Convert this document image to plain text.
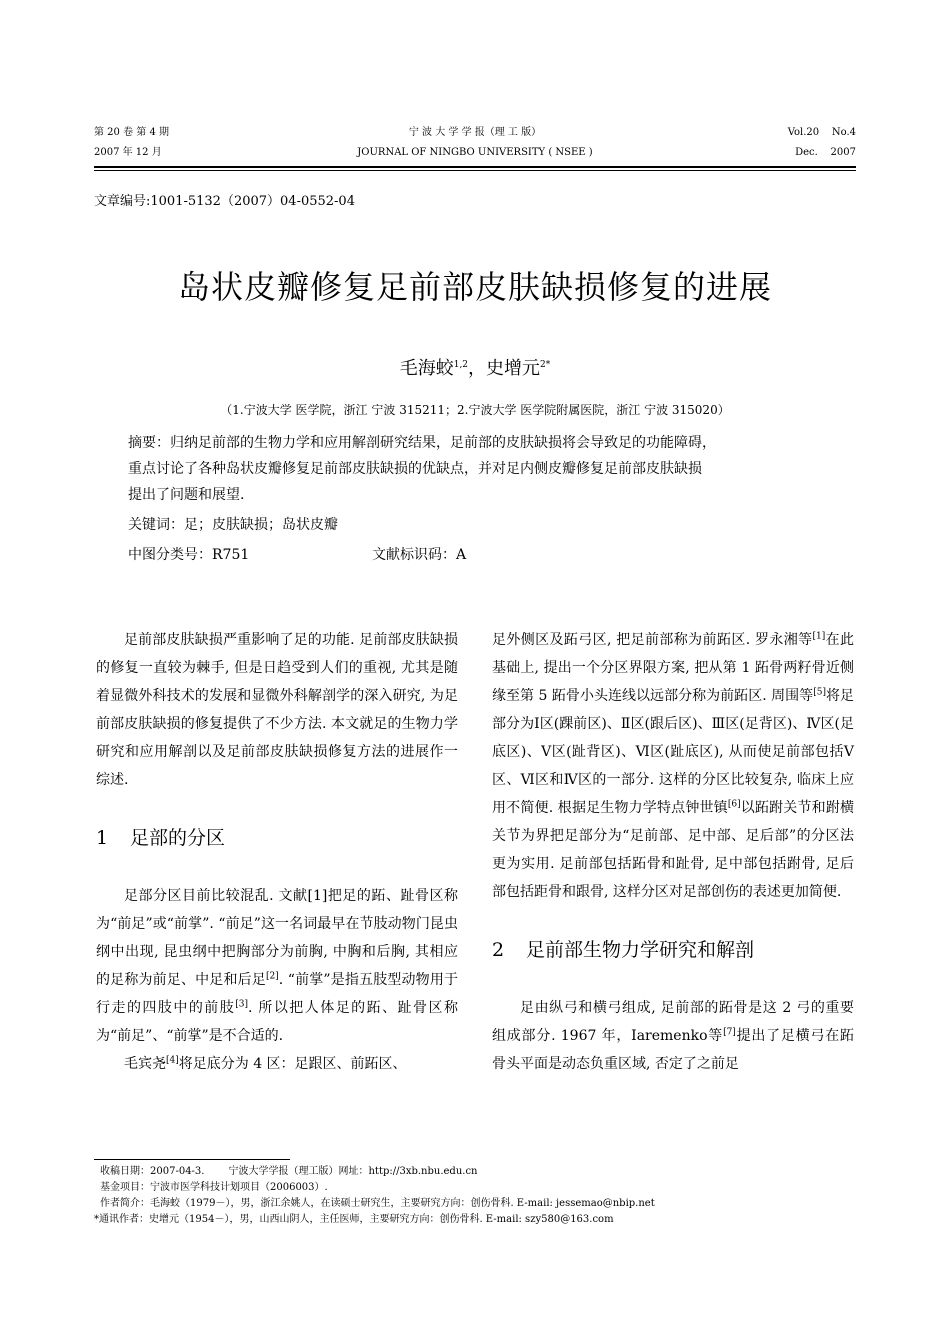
第 20 卷 第 4 期
2007 年 12 月
宁 波 大 学 学 报（理 工 版）
JOURNAL OF NINGBO UNIVERSITY ( NSEE )
Vol.20    No.4
Dec.    2007
文章编号:1001-5132（2007）04-0552-04
岛状皮瓣修复足前部皮肤缺损修复的进展
毛海蛟$^{1,2}$，史增元$^{2*}$
（1.宁波大学 医学院，浙江 宁波 315211；2.宁波大学 医学院附属医院，浙江 宁波 315020）
摘要：归纳足前部的生物力学和应用解剖研究结果，足前部的皮肤缺损将会导致足的功能障碍，
重点讨论了各种岛状皮瓣修复足前部皮肤缺损的优缺点，并对足内侧皮瓣修复足前部皮肤缺损
提出了问题和展望.
关键词：足；皮肤缺损；岛状皮瓣
中图分类号：R751	文献标识码：A

足前部皮肤缺损严重影响了足的功能. 足前部皮肤缺损的修复一直较为棘手, 但是日趋受到人们的重视, 尤其是随着显微外科技术的发展和显微外科解剖学的深入研究, 为足前部皮肤缺损的修复提供了不少方法. 本文就足的生物力学研究和应用解剖以及足前部皮肤缺损修复方法的进展作一综述.

1 足部的分区

足部分区目前比较混乱. 文献[1]把足的跖、趾骨区称为“前足”或“前掌”. “前足”这一名词最早在节肢动物门昆虫纲中出现, 昆虫纲中把胸部分为前胸, 中胸和后胸, 其相应的足称为前足、中足和后足[2]. “前掌”是指五肢型动物用于行走的四肢中的前肢[3]. 所以把人体足的跖、趾骨区称为“前足”、“前掌”是不合适的.

毛宾尧[4]将足底分为 4 区：足跟区、前跖区、

足外侧区及跖弓区, 把足前部称为前跖区. 罗永湘等[1]在此基础上, 提出一个分区界限方案, 把从第 1 跖骨两籽骨近侧缘至第 5 跖骨小头连线以远部分称为前跖区. 周围等[5]将足部分为Ⅰ区(踝前区)、Ⅱ区(跟后区)、Ⅲ区(足背区)、Ⅳ区(足底区)、Ⅴ区(趾背区)、Ⅵ区(趾底区), 从而使足前部包括Ⅴ区、Ⅵ区和Ⅳ区的一部分. 这样的分区比较复杂, 临床上应用不简便. 根据足生物力学特点钟世镇[6]以跖跗关节和跗横关节为界把足部分为“足前部、足中部、足后部”的分区法更为实用. 足前部包括跖骨和趾骨, 足中部包括跗骨, 足后部包括距骨和跟骨, 这样分区对足部创伤的表述更加简便.

2 足前部生物力学研究和解剖

足由纵弓和横弓组成, 足前部的跖骨是这 2 弓的重要组成部分. 1967 年，Iaremenko等[7]提出了足横弓在跖骨头平面是动态负重区域, 否定了之前足

收稿日期：2007-04-3. 宁波大学学报（理工版）网址：http://3xb.nbu.edu.cn
基金项目：宁波市医学科技计划项目（2006003）.
作者简介：毛海蛟（1979－），男，浙江余姚人，在读硕士研究生，主要研究方向：创伤骨科. E-mail: jessemao@nbip.net
*通讯作者：史增元（1954－），男，山西山阴人，主任医师，主要研究方向：创伤骨科. E-mail: szy580@163.com
